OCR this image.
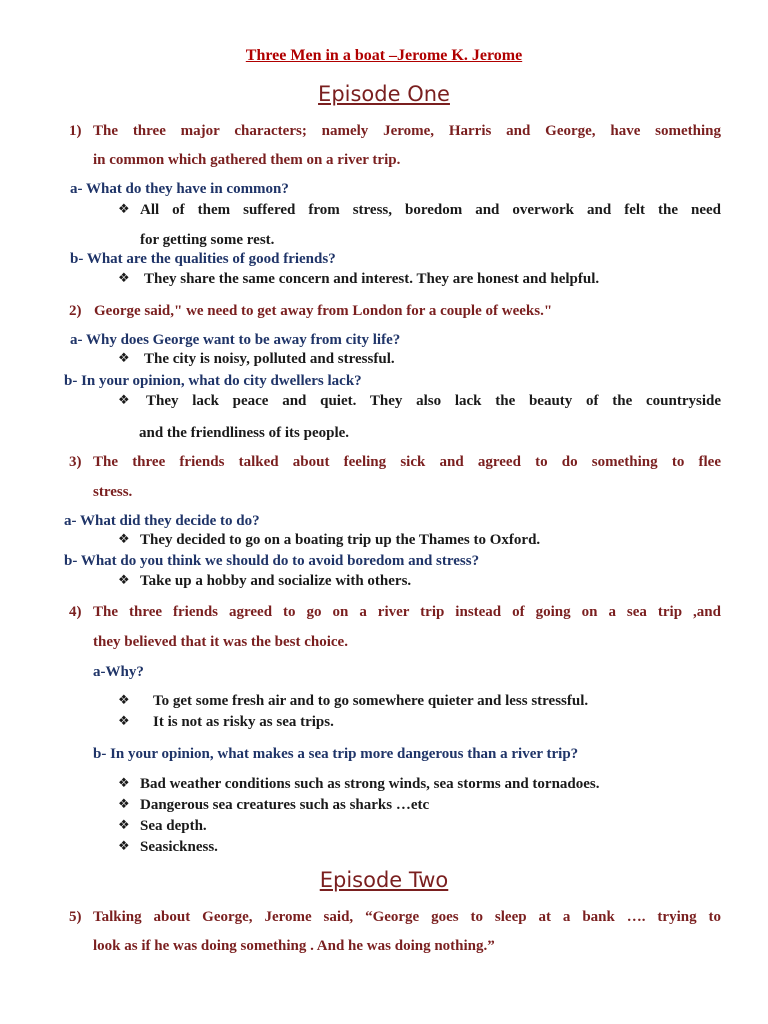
Three Men in a boat –Jerome K. Jerome
Episode One
1) The three major characters; namely Jerome, Harris and George, have something
in common which gathered them on a river trip.
a- What do they have in common?
❖ All of them suffered from stress, boredom and overwork and felt the need
for getting some rest.
b- What are the qualities of good friends?
❖ They share the same concern and interest. They are honest and helpful.
2) George said," we need to get away from London for a couple of weeks."
a- Why does George want to be away from city life?
❖ The city is noisy, polluted and stressful.
b- In your opinion, what do city dwellers lack?
❖ They lack peace and quiet. They also lack the beauty of the countryside
and the friendliness of its people.
3) The three friends talked about feeling sick and agreed to do something to flee
stress.
a- What did they decide to do?
❖ They decided to go on a boating trip up the Thames to Oxford.
b- What do you think we should do to avoid boredom and stress?
❖ Take up a hobby and socialize with others.
4) The three friends agreed to go on a river trip instead of going on a sea trip ,and
they believed that it was the best choice.
a-Why?
❖ To get some fresh air and to go somewhere quieter and less stressful.
❖ It is not as risky as sea trips.
b- In your opinion, what makes a sea trip more dangerous than a river trip?
❖ Bad weather conditions such as strong winds, sea storms and tornadoes.
❖ Dangerous sea creatures such as sharks …etc
❖ Sea depth.
❖ Seasickness.
Episode Two
5) Talking about George, Jerome said, “George goes to sleep at a bank …. trying to
look as if he was doing something . And he was doing nothing.”
